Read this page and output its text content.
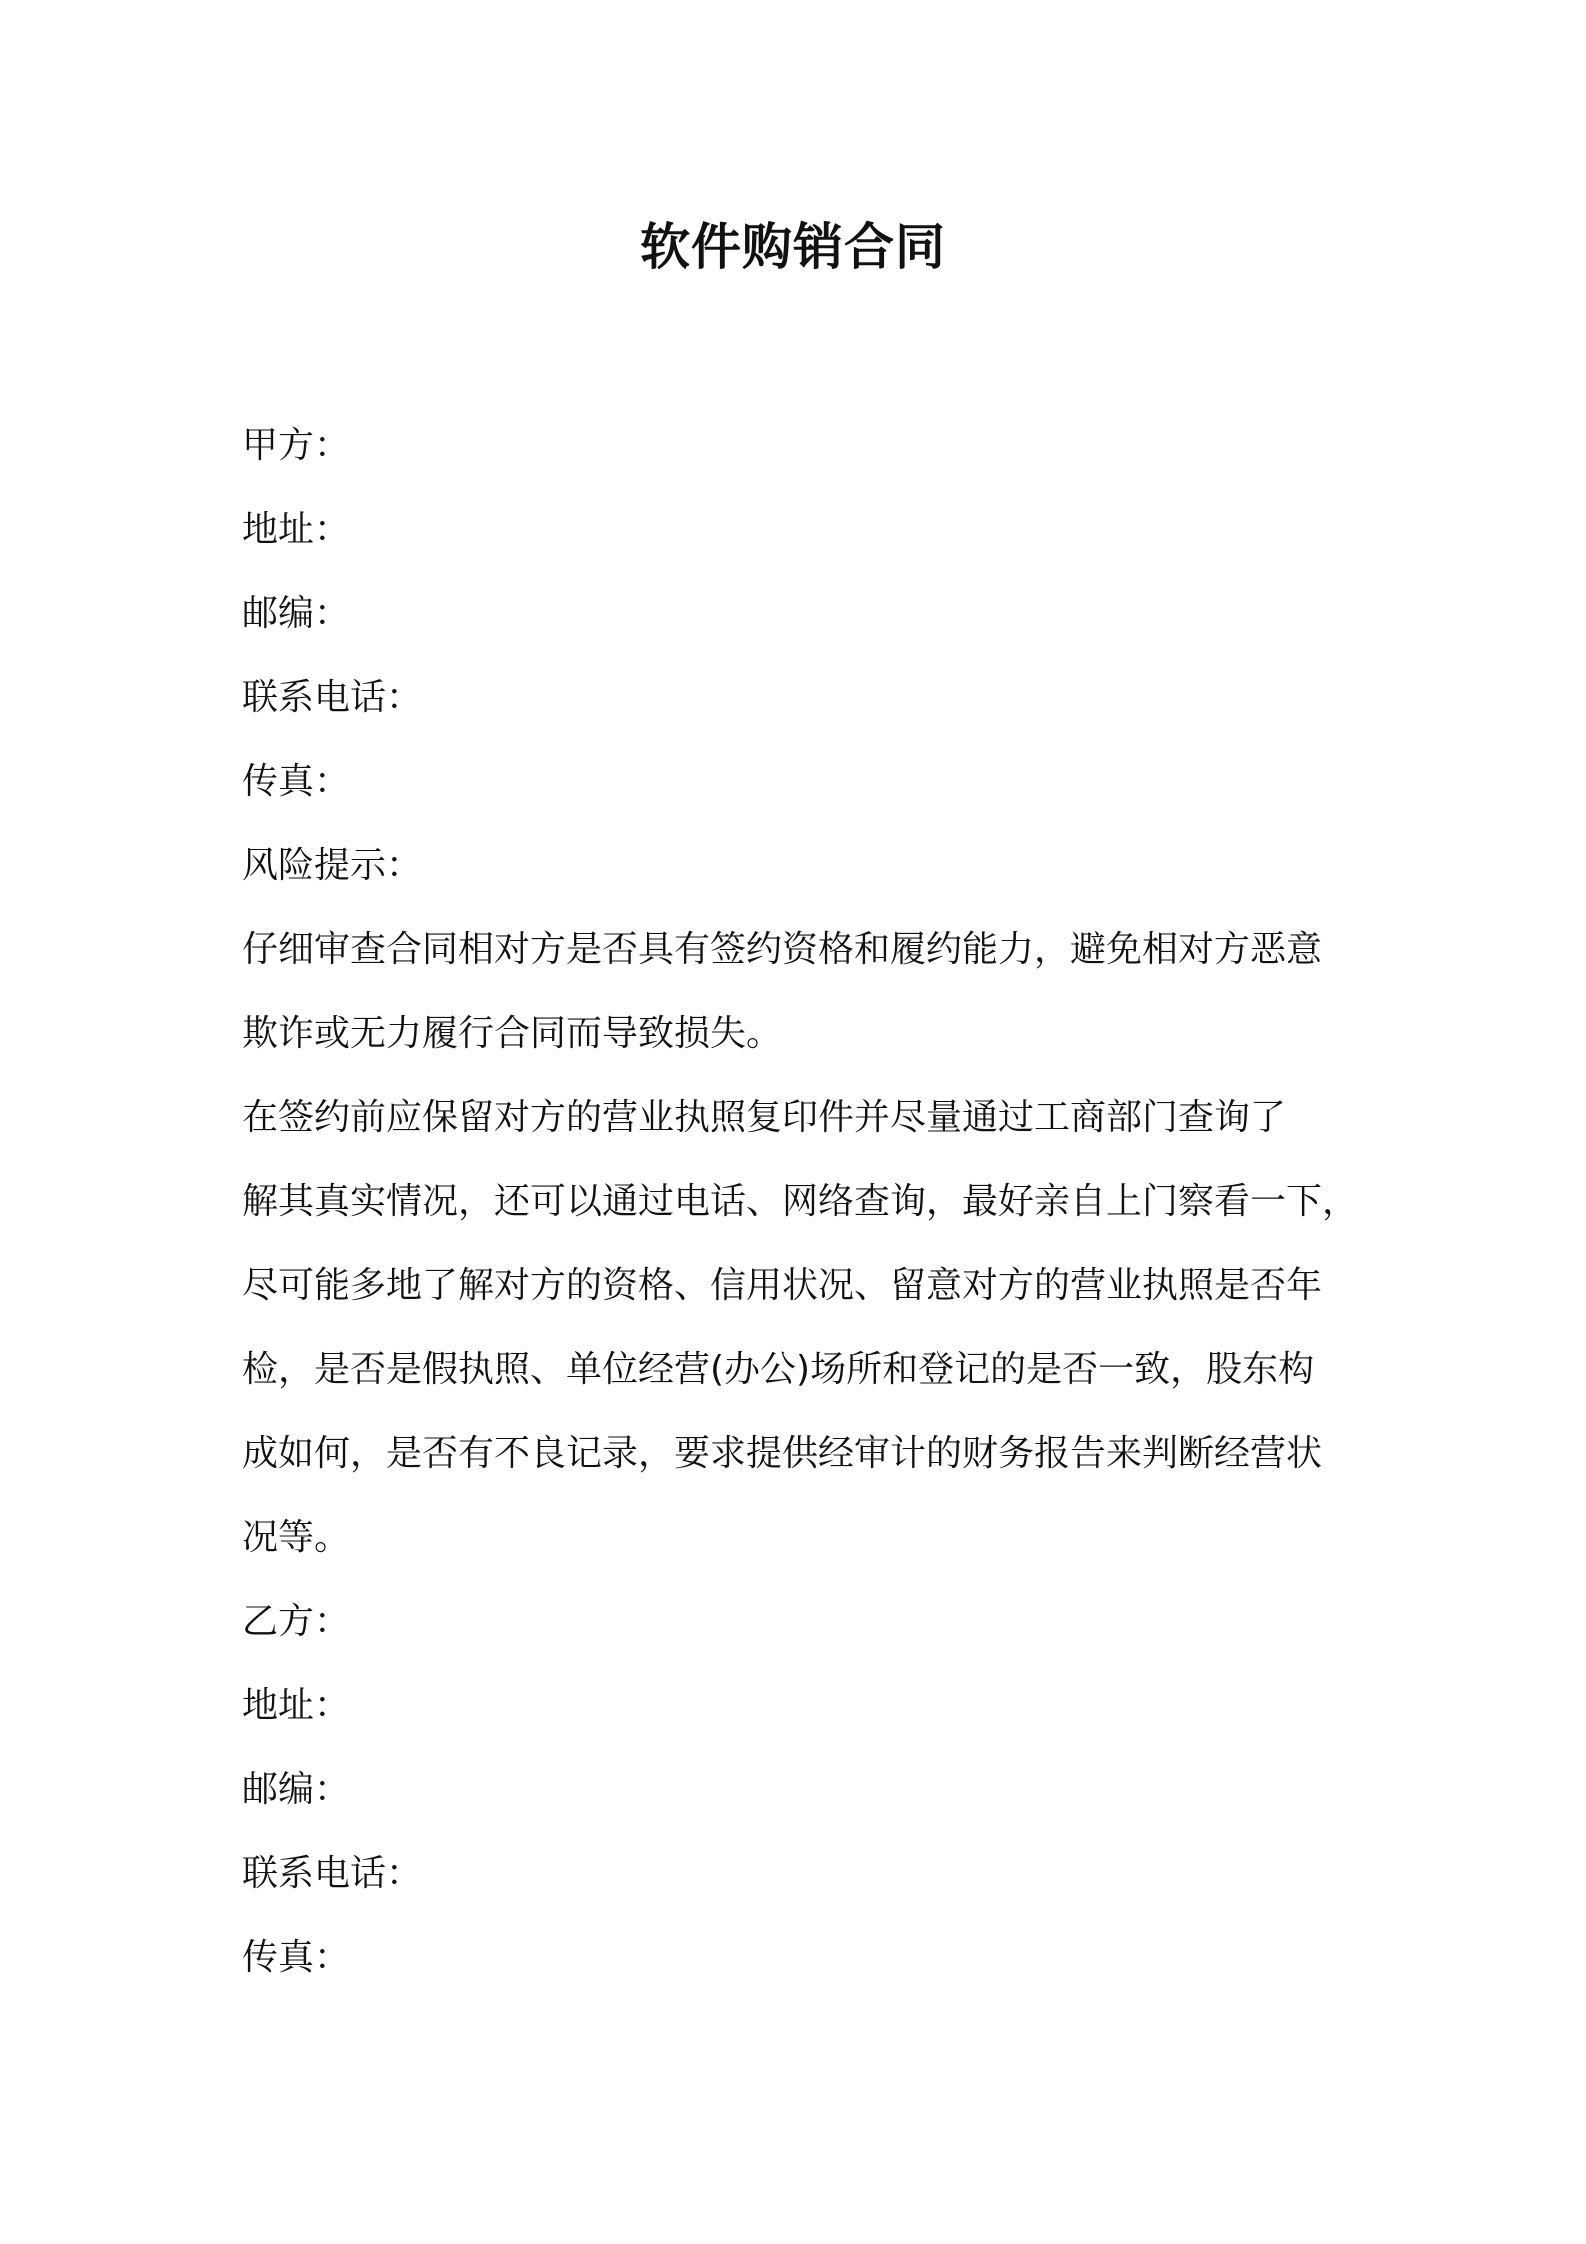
软件购销合同
甲方：
地址：
邮编：
联系电话：
传真：
风险提示：
仔细审查合同相对方是否具有签约资格和履约能力，避免相对方恶意
欺诈或无力履行合同而导致损失。
在签约前应保留对方的营业执照复印件并尽量通过工商部门查询了
解其真实情况，还可以通过电话、网络查询，最好亲自上门察看一下，
尽可能多地了解对方的资格、信用状况、留意对方的营业执照是否年
检，是否是假执照、单位经营(办公)场所和登记的是否一致，股东构
成如何，是否有不良记录，要求提供经审计的财务报告来判断经营状
况等。
乙方：
地址：
邮编：
联系电话：
传真：
